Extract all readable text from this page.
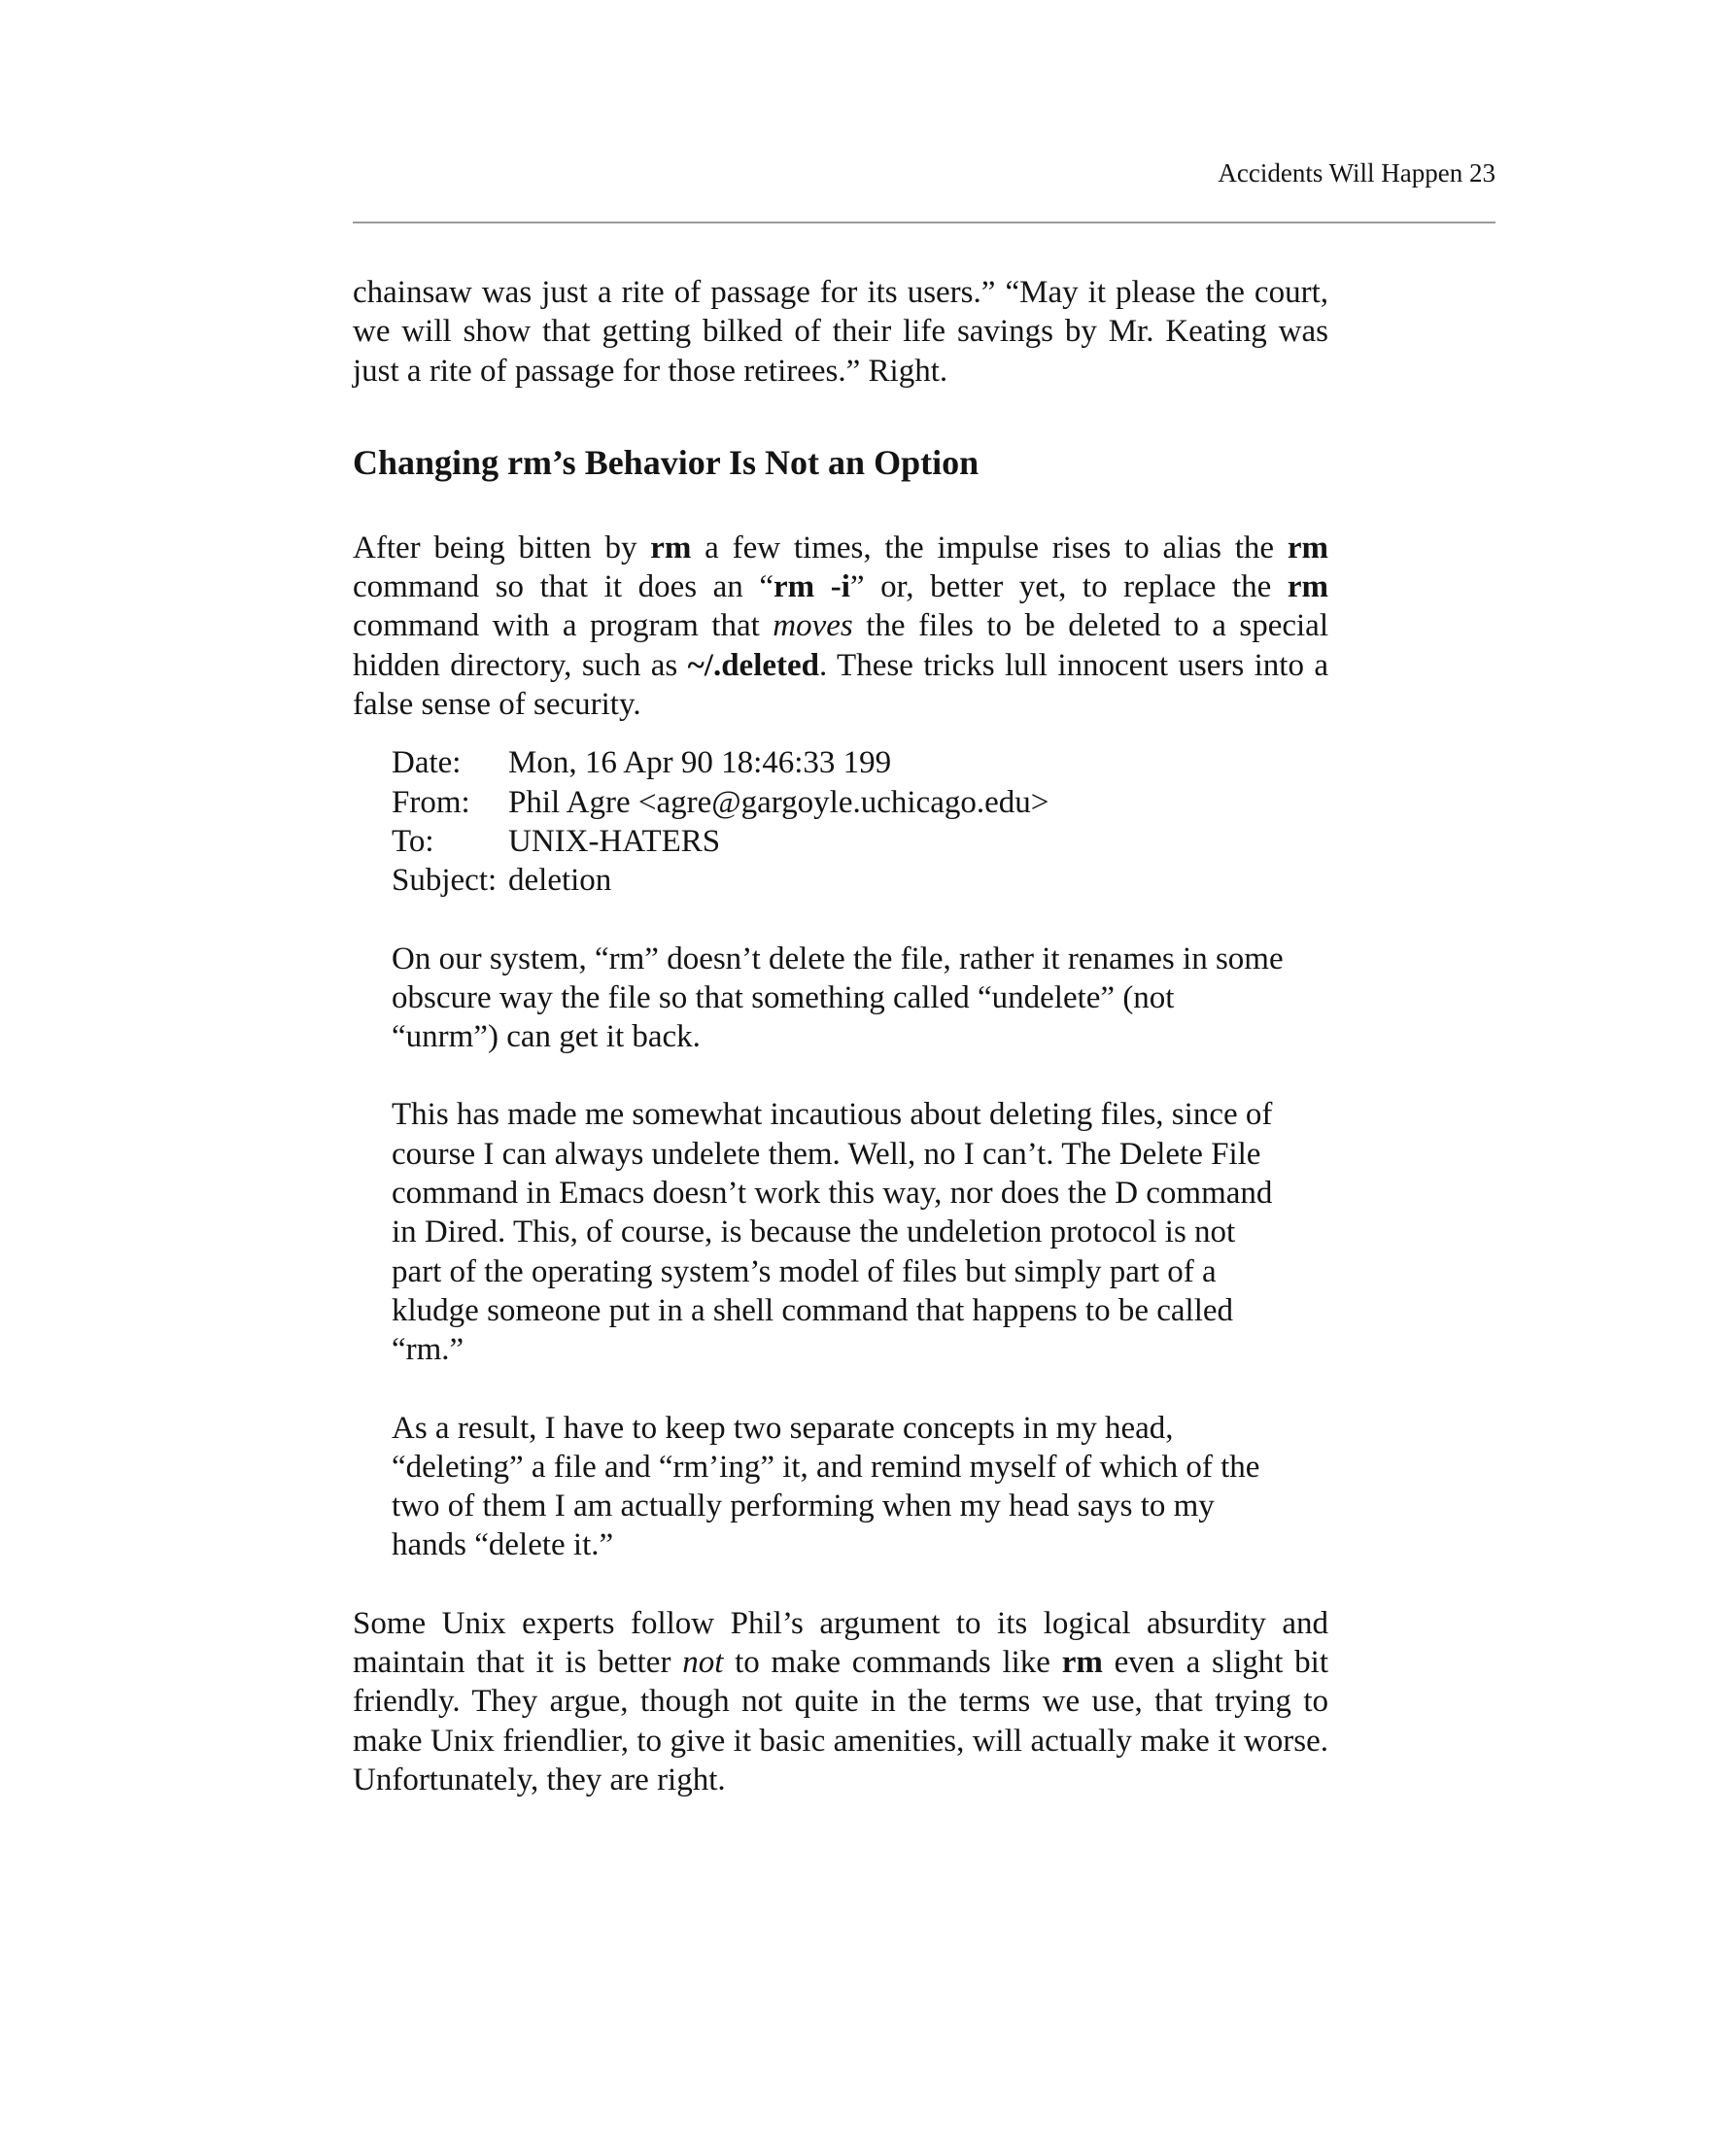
Accidents Will Happen 23

chainsaw was just a rite of passage for its users.” “May it please the court, we will show that getting bilked of their life savings by Mr. Keating was just a rite of passage for those retirees.” Right.

Changing rm’s Behavior Is Not an Option

After being bitten by rm a few times, the impulse rises to alias the rm command so that it does an “rm -i” or, better yet, to replace the rm command with a program that moves the files to be deleted to a special hidden directory, such as ~/.deleted. These tricks lull innocent users into a false sense of security.

Date:	Mon, 16 Apr 90 18:46:33 199
From:	Phil Agre <agre@gargoyle.uchicago.edu>
To:	UNIX-HATERS
Subject: deletion

On our system, “rm” doesn’t delete the file, rather it renames in some obscure way the file so that something called “undelete” (not “unrm”) can get it back.

This has made me somewhat incautious about deleting files, since of course I can always undelete them. Well, no I can’t. The Delete File command in Emacs doesn’t work this way, nor does the D command in Dired. This, of course, is because the undeletion protocol is not part of the operating system’s model of files but simply part of a kludge someone put in a shell command that happens to be called “rm.”

As a result, I have to keep two separate concepts in my head, “deleting” a file and “rm’ing” it, and remind myself of which of the two of them I am actually performing when my head says to my hands “delete it.”

Some Unix experts follow Phil’s argument to its logical absurdity and maintain that it is better not to make commands like rm even a slight bit friendly. They argue, though not quite in the terms we use, that trying to make Unix friendlier, to give it basic amenities, will actually make it worse. Unfortunately, they are right.
